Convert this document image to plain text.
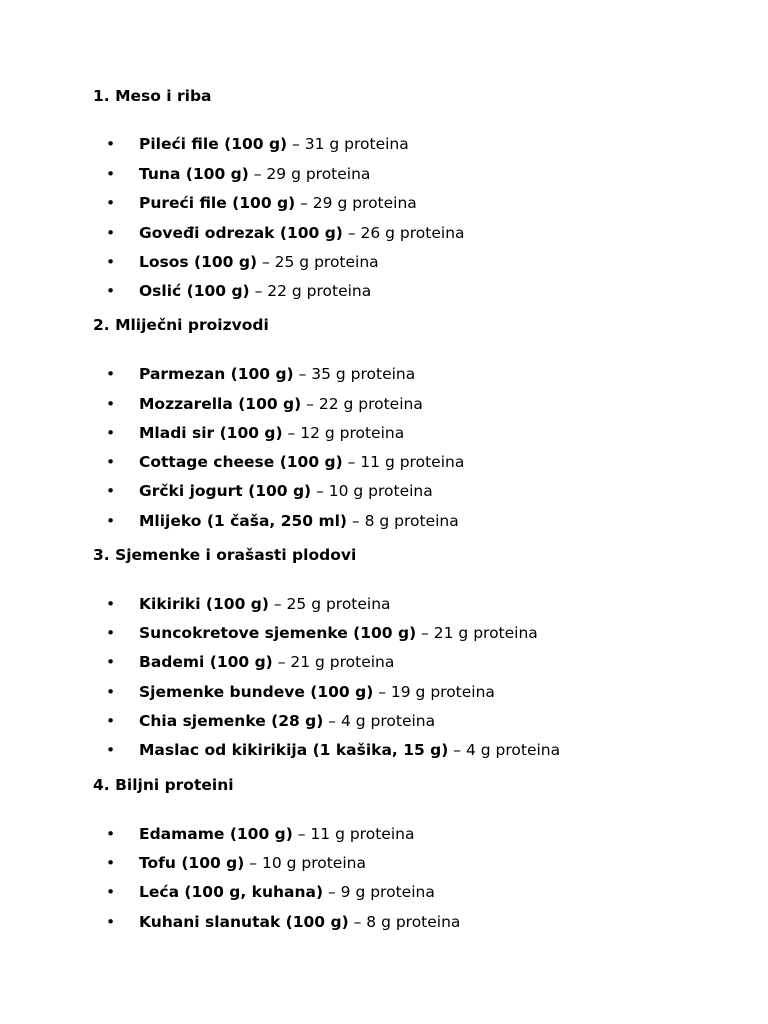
1. Meso i riba
• Pileći file (100 g) – 31 g proteina
• Tuna (100 g) – 29 g proteina
• Pureći file (100 g) – 29 g proteina
• Goveđi odrezak (100 g) – 26 g proteina
• Losos (100 g) – 25 g proteina
• Oslić (100 g) – 22 g proteina
2. Mliječni proizvodi
• Parmezan (100 g) – 35 g proteina
• Mozzarella (100 g) – 22 g proteina
• Mladi sir (100 g) – 12 g proteina
• Cottage cheese (100 g) – 11 g proteina
• Grčki jogurt (100 g) – 10 g proteina
• Mlijeko (1 čaša, 250 ml) – 8 g proteina
3. Sjemenke i orašasti plodovi
• Kikiriki (100 g) – 25 g proteina
• Suncokretove sjemenke (100 g) – 21 g proteina
• Bademi (100 g) – 21 g proteina
• Sjemenke bundeve (100 g) – 19 g proteina
• Chia sjemenke (28 g) – 4 g proteina
• Maslac od kikirikija (1 kašika, 15 g) – 4 g proteina
4. Biljni proteini
• Edamame (100 g) – 11 g proteina
• Tofu (100 g) – 10 g proteina
• Leća (100 g, kuhana) – 9 g proteina
• Kuhani slanutak (100 g) – 8 g proteina
